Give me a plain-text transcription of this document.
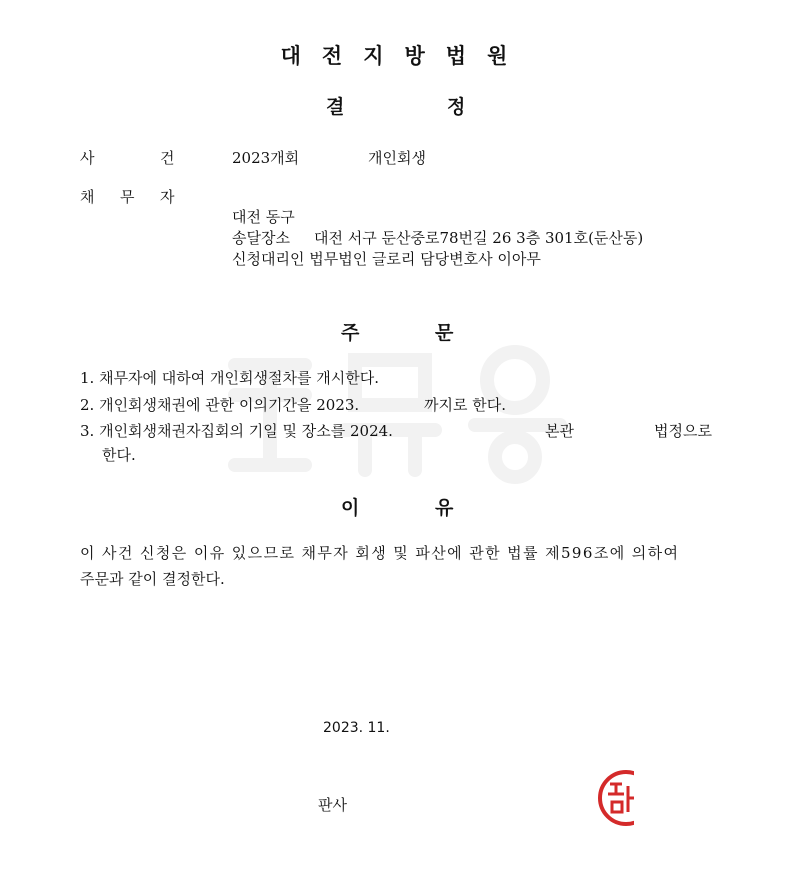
대전지방법원
결	정
사	건	2023개회	개인회생
채 무 자
대전 동구
송달장소 대전 서구 둔산중로78번길 26 3층 301호(둔산동)
신청대리인 법무법인 글로리 담당변호사 이아무
주	문
1. 채무자에 대하여 개인회생절차를 개시한다.
2. 개인회생채권에 관한 이의기간을 2023.	까지로 한다.
3. 개인회생채권자집회의 기일 및 장소를 2024.	본관	법정으로
한다.
이	유
이 사건 신청은 이유 있으므로 채무자 회생 및 파산에 관한 법률 제596조에 의하여
주문과 같이 결정한다.
2023. 11.
판사
